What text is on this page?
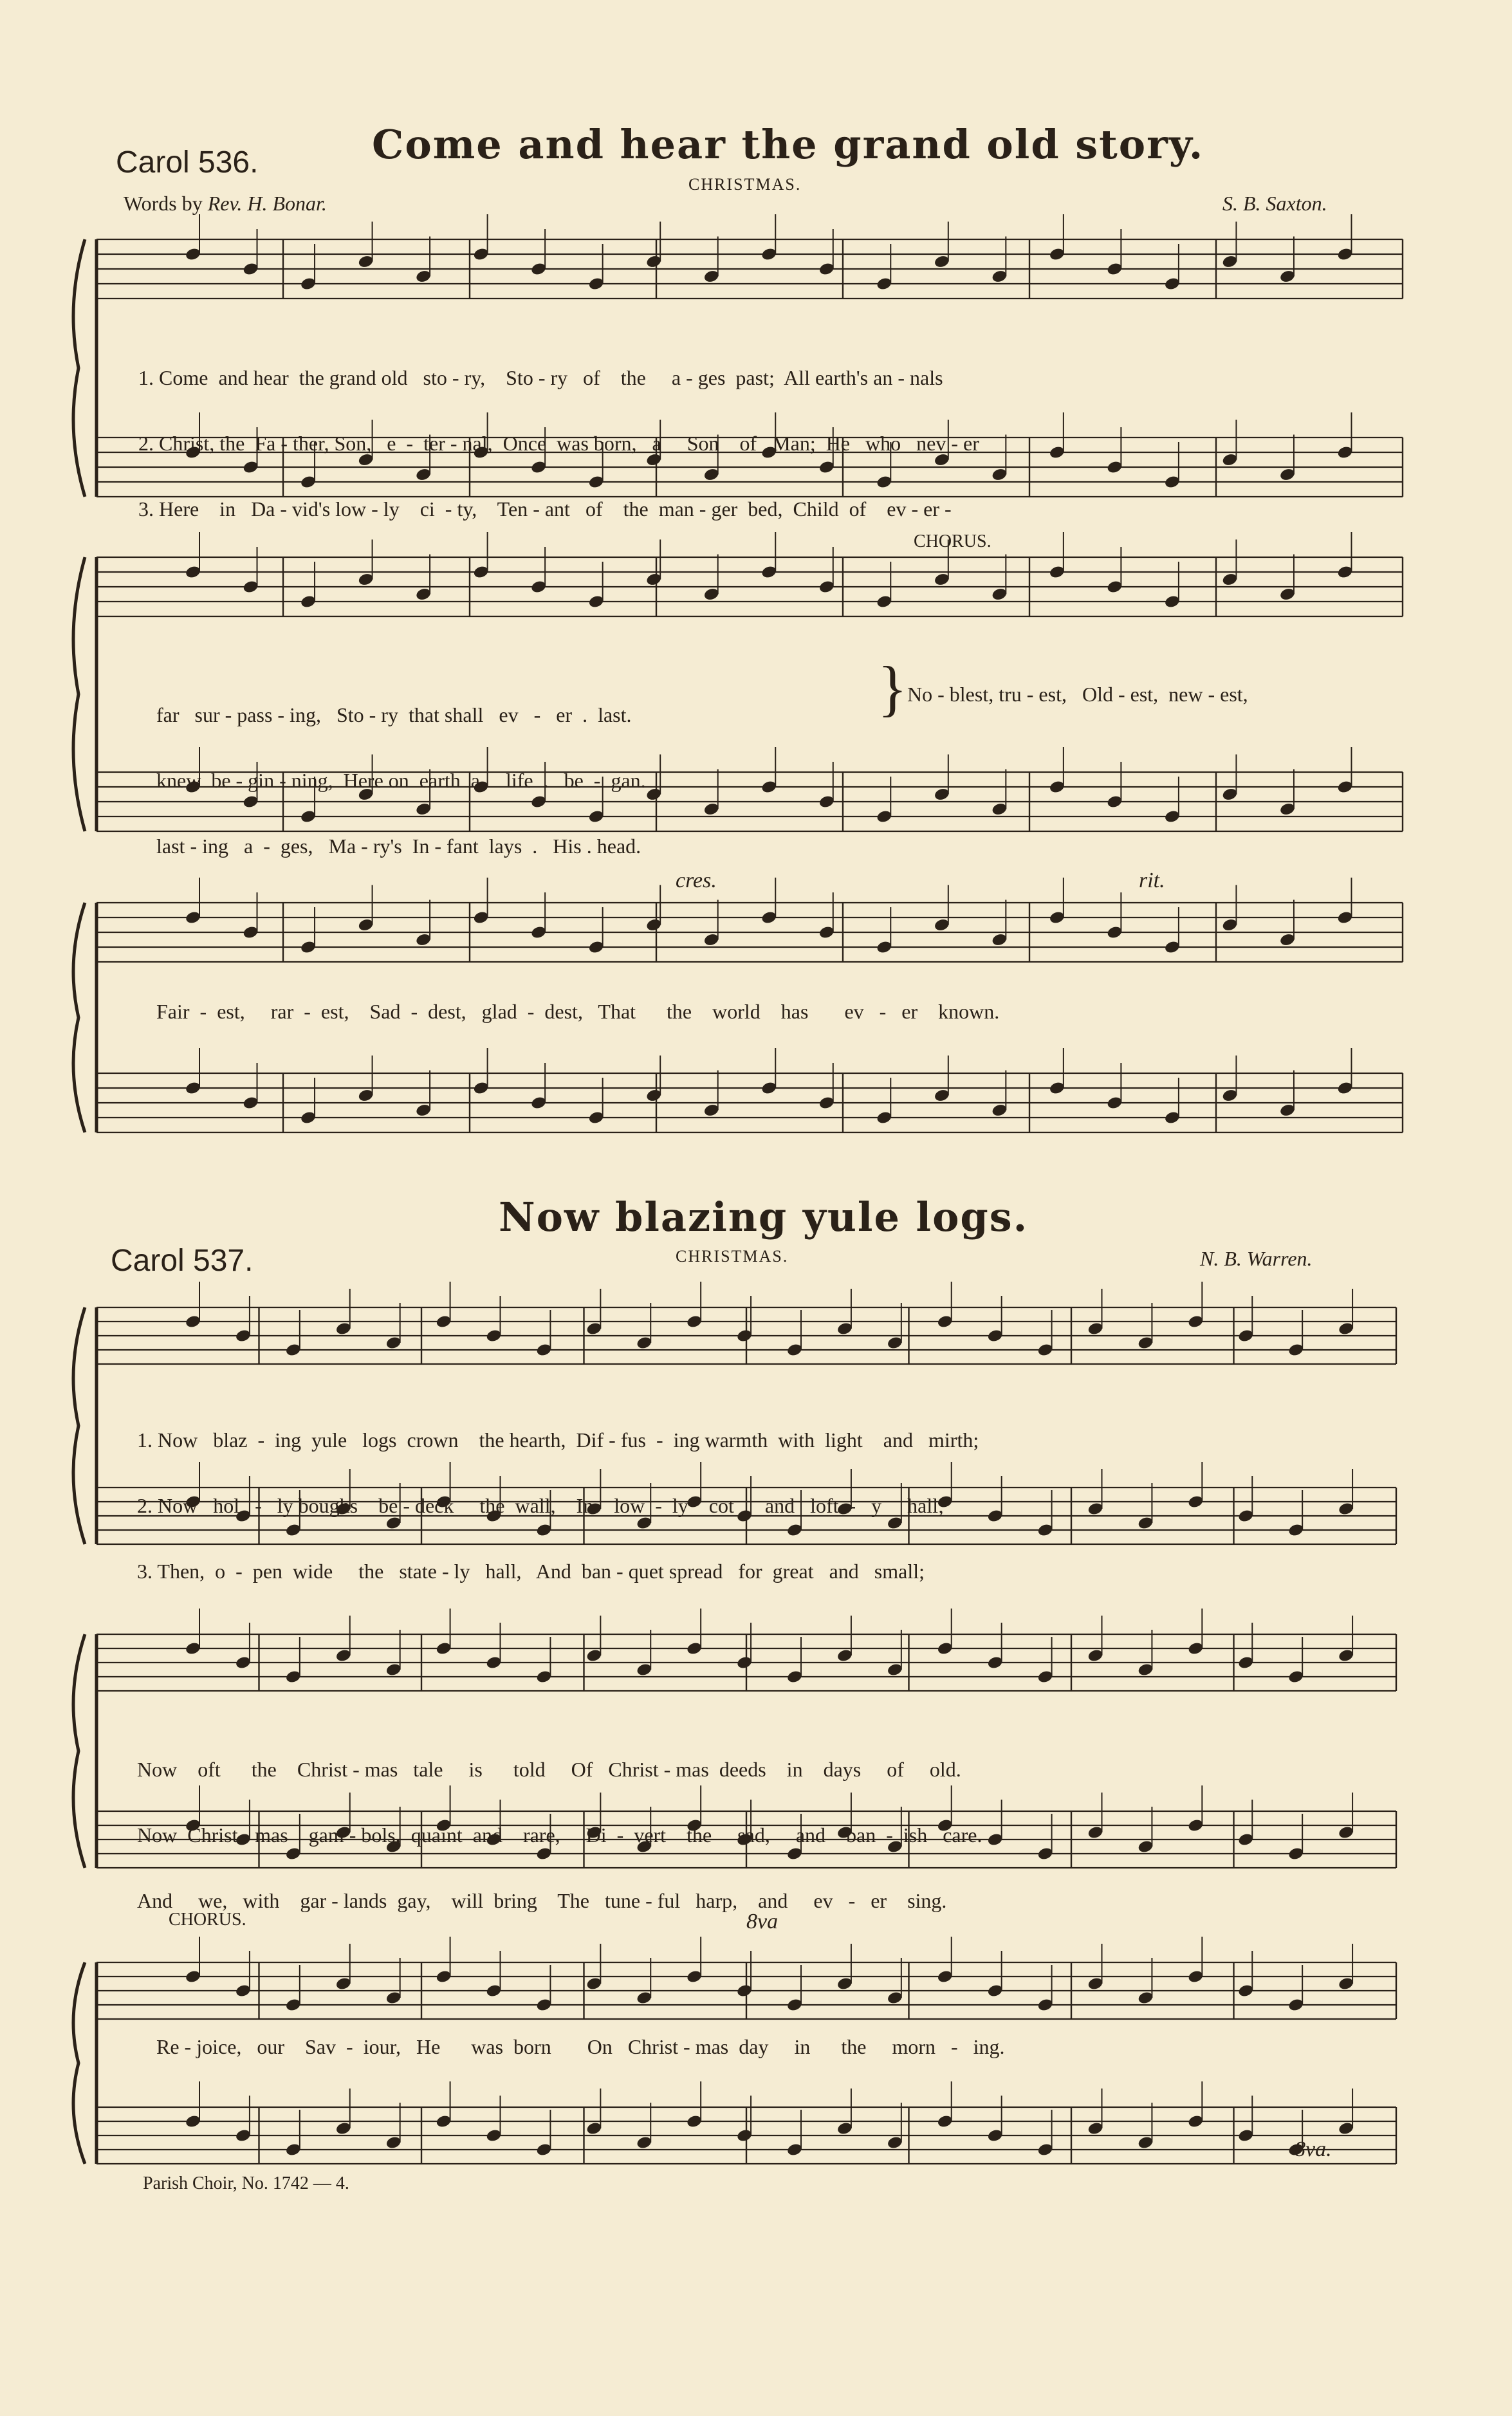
Carol 536.	Come and hear the grand old story.
CHRISTMAS.
Words by Rev. H. Bonar.	S. B. Saxton.

1. Come  and hear  the grand old   sto - ry,    Sto - ry   of    the     a - ges  past;  All earth's an - nals

2. Christ, the  Fa - ther, Son,   e  -  ter - nal,  Once  was born,   a     Son    of   Man;  He   who   nev - er

3. Here    in   Da - vid's low - ly    ci  - ty,    Ten - ant   of    the  man - ger  bed,  Child  of    ev - er -

CHORUS.

far   sur - pass - ing,   Sto - ry  that shall   ev   -   er  .  last.

knew  be - gin - ning,  Here on  earth  a     life  .   be  -  gan.

last - ing   a  -  ges,   Ma - ry's  In - fant  lays  .   His . head.

} No - blest, tru - est,   Old - est,  new - est,
cres.	rit.
Fair  -  est,     rar  -  est,    Sad  -  dest,   glad  -  dest,   That      the    world    has       ev   -   er    known.
Now blazing yule logs.
Carol 537.	CHRISTMAS.	N. B. Warren.

1. Now   blaz  -  ing  yule   logs  crown    the hearth,  Dif - fus  -  ing warmth  with  light    and   mirth;

2. Now   hol   -   ly boughs    be - deck     the  wall,    In    low  -  ly    cot      and   loft  -   y     hall;

3. Then,  o  -  pen  wide     the   state - ly   hall,   And  ban - quet spread   for  great   and   small;

Now    oft      the    Christ - mas   tale     is      told     Of   Christ - mas  deeds    in    days     of     old.

Now  Christ - mas    gam - bols,  quaint  and    rare,     Di  -  vert    the     sad,     and    ban  -  ish   care.

And     we,   with    gar - lands  gay,    will  bring    The   tune - ful   harp,    and     ev   -   er    sing.

CHORUS.	8va
Re - joice,   our    Sav  -  iour,   He      was  born       On   Christ - mas  day     in      the     morn   -   ing.
8va.
Parish Choir, No. 1742 — 4.
